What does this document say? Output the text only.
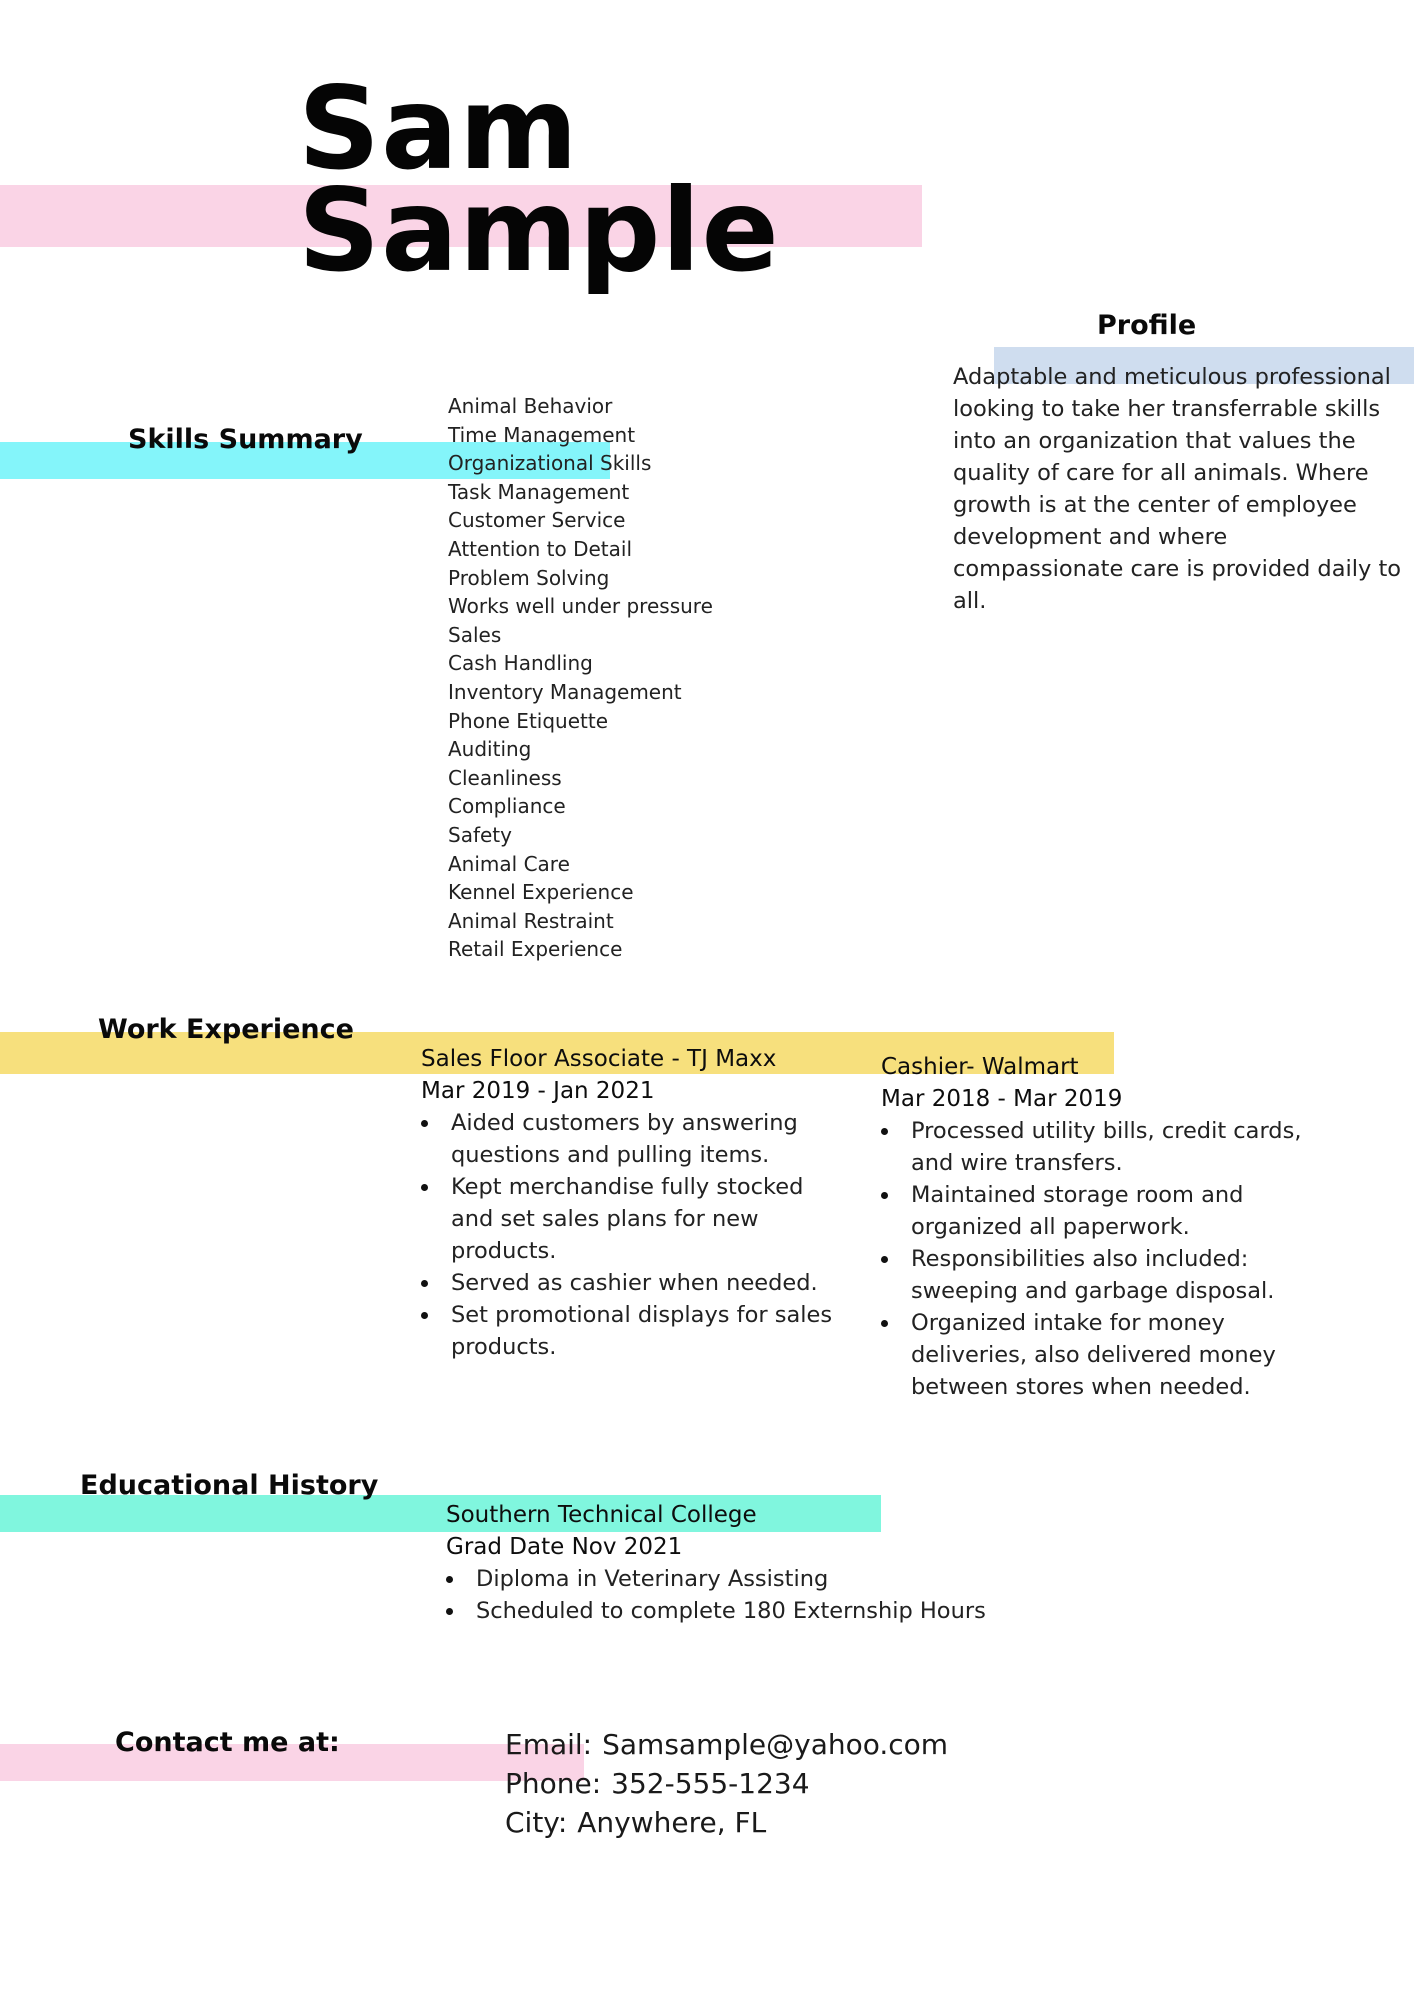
Sam
Sample
Profile

Adaptable and meticulous professional looking to take her transferrable skills into an organization that values the quality of care for all animals. Where growth is at the center of employee development and where compassionate care is provided daily to all.

Skills Summary
Animal Behavior
Time Management
Organizational Skills
Task Management
Customer Service
Attention to Detail
Problem Solving
Works well under pressure
Sales
Cash Handling
Inventory Management
Phone Etiquette
Auditing
Cleanliness
Compliance
Safety
Animal Care
Kennel Experience
Animal Restraint
Retail Experience
Work Experience

Sales Floor Associate - TJ Maxx

Mar 2019 - Jan 2021

Aided customers by answering questions and pulling items.
Kept merchandise fully stocked and set sales plans for new products.
Served as cashier when needed.
Set promotional displays for sales products.

Cashier- Walmart

Mar 2018 - Mar 2019

Processed utility bills, credit cards, and wire transfers.
Maintained storage room and organized all paperwork.
Responsibilities also included: sweeping and garbage disposal.
Organized intake for money deliveries, also delivered money between stores when needed.
Educational History

Southern Technical College

Grad Date Nov 2021

Diploma in Veterinary Assisting
Scheduled to complete 180 Externship Hours
Contact me at:	Email: Samsample@yahoo.com
Phone: 352-555-1234
City: Anywhere, FL
